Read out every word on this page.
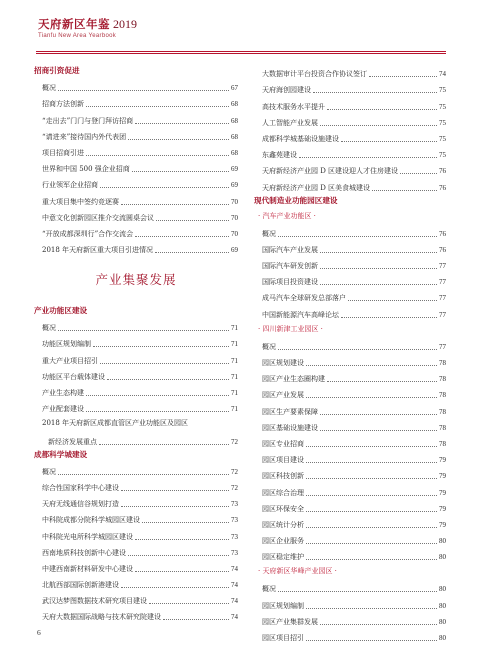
天府新区年鉴 2019
Tianfu New Area Yearbook
招商引资促进
概况	67
招商方法创新	68
“走出去”门门与登门拜访招商	68
“请进来”接待国内外代表团	68
项目招商引进	68
世界和中国 500 强企业招商	69
行业领军企业招商	69
重大项目集中签约竞逐赛	70
中意文化创新园区推介交流圆桌会议	70
“开放成都深圳行”合作交流会	70
2018 年天府新区重大项目引进情况	69
产业集聚发展
产业功能区建设
概况	71
功能区规划编制	71
重大产业项目招引	71
功能区平台载体建设	71
产业生态构建	71
产业配套建设	71
2018 年天府新区成都直管区产业功能区及园区
新经济发展重点	72
成都科学城建设
概况	72
综合性国家科学中心建设	72
天府无线通信谷规划打造	73
中科院成都分院科学城园区建设	73
中科院光电所科学城园区建设	73
西南地质科技创新中心建设	73
中建西南新材料研发中心建设	74
北航西部国际创新港建设	74
武汉达梦图数据技术研究项目建设	74
天府大数据国际战略与技术研究院建设	74
大数据审计平台投资合作协议签订	74
天府海创园建设	75
高技术服务水平提升	75
人工智能产业发展	75
成都科学城基础设施建设	75
东鑫苑建设	75
天府新经济产业园 D 区建设迎人才住房建设	76
天府新经济产业园 D 区美食城建设	76
现代制造业功能园区建设
· 汽车产业功能区 ·
概况	76
国际汽车产业发展	76
国际汽车研发创新	77
国际项目投资建设	77
成马汽车全球研发总部落户	77
中国新能源汽车高峰论坛	77
· 四川新津工业园区 ·
概况	77
园区规划建设	78
园区产业生态圈构建	78
园区产业发展	78
园区生产要素保障	78
园区基础设施建设	78
园区专业招商	78
园区项目建设	79
园区科技创新	79
园区综合治理	79
园区环保安全	79
园区统计分析	79
园区企业服务	80
园区稳定维护	80
· 天府新区华峰产业园区 ·
概况	80
园区规划编制	80
园区产业集群发展	80
园区项目招引	80
6
